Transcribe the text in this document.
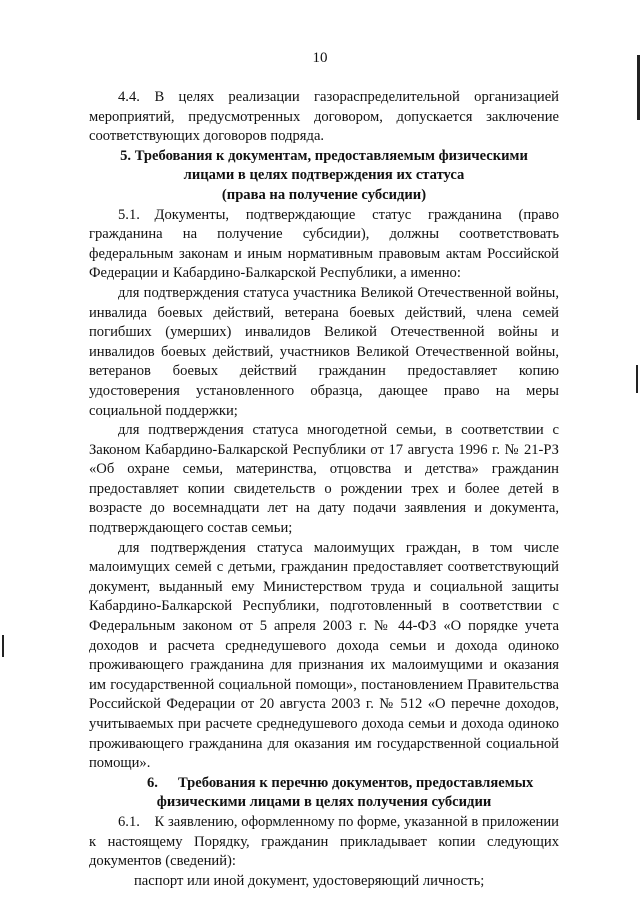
10

4.4. В целях реализации газораспределительной организацией мероприятий, предусмотренных договором, допускается заключение соответствующих договоров подряда.

5. Требования к документам, предоставляемым физическими

лицами в целях подтверждения их статуса

(права на получение субсидии)

5.1. Документы, подтверждающие статус гражданина (право гражданина на получение субсидии), должны соответствовать федеральным законам и иным нормативным правовым актам Российской Федерации и Кабардино-Балкарской Республики, а именно:

для подтверждения статуса участника Великой Отечественной войны, инвалида боевых действий, ветерана боевых действий, члена семей погибших (умерших) инвалидов Великой Отечественной войны и инвалидов боевых действий, участников Великой Отечественной войны, ветеранов боевых действий гражданин предоставляет копию удостоверения установленного образца, дающее право на меры социальной поддержки;

для подтверждения статуса многодетной семьи, в соответствии с Законом Кабардино-Балкарской Республики от 17 августа 1996 г. № 21-РЗ «Об охране семьи, материнства, отцовства и детства» гражданин предоставляет копии свидетельств о рождении трех и более детей в возрасте до восемнадцати лет на дату подачи заявления и документа, подтверждающего состав семьи;

для подтверждения статуса малоимущих граждан, в том числе малоимущих семей с детьми, гражданин предоставляет соответствующий документ, выданный ему Министерством труда и социальной защиты Кабардино-Балкарской Республики, подготовленный в соответствии с Федеральным законом от 5 апреля 2003 г. № 44-ФЗ «О порядке учета доходов и расчета среднедушевого дохода семьи и дохода одиноко проживающего гражданина для признания их малоимущими и оказания им государственной социальной помощи», постановлением Правительства Российской Федерации от 20 августа 2003 г. № 512 «О перечне доходов, учитываемых при расчете среднедушевого дохода семьи и дохода одиноко проживающего гражданина для оказания им государственной социальной помощи».

6. Требования к перечню документов, предоставляемых

физическими лицами в целях получения субсидии

6.1. К заявлению, оформленному по форме, указанной в приложении к настоящему Порядку, гражданин прикладывает копии следующих документов (сведений):

паспорт или иной документ, удостоверяющий личность;
